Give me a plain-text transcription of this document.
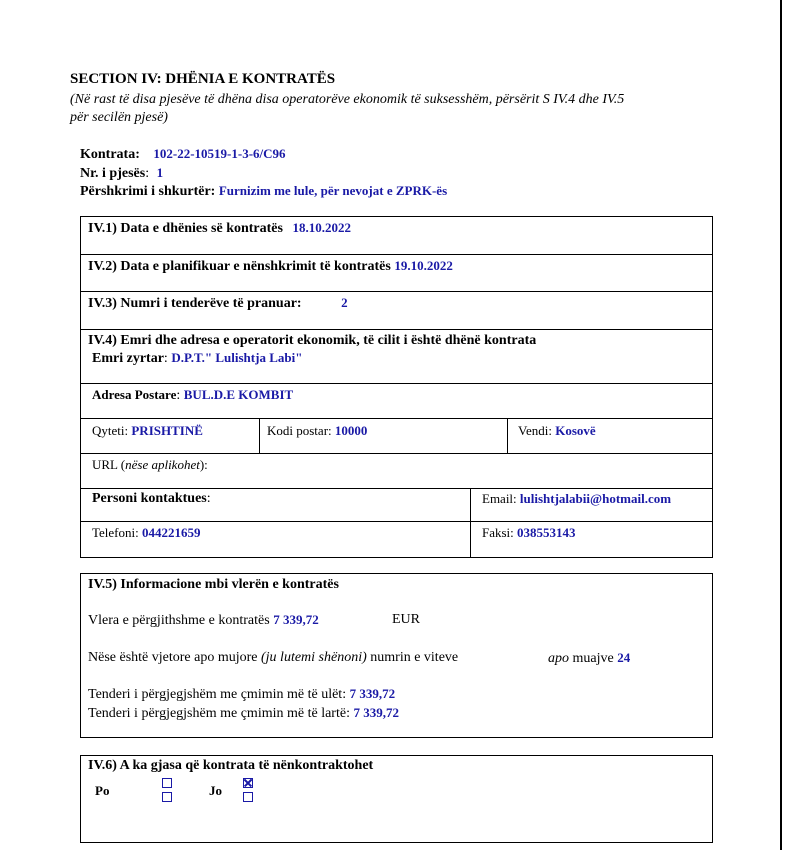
SECTION IV: DHËNIA E KONTRATËS
(Në rast të disa pjesëve të dhëna disa operatorëve ekonomik të suksesshëm, përsërit S IV.4 dhe IV.5
për secilën pjesë)
Kontrata: 102-22-10519-1-3-6/C96
Nr. i pjesës: 1
Përshkrimi i shkurtër: Furnizim me lule, për nevojat e ZPRK-ës
IV.1) Data e dhënies së kontratës 18.10.2022
IV.2) Data e planifikuar e nënshkrimit të kontratës 19.10.2022
IV.3) Numri i tenderëve të pranuar:	2
IV.4) Emri dhe adresa e operatorit ekonomik, të cilit i është dhënë kontrata
Emri zyrtar: D.P.T." Lulishtja Labi"
Adresa Postare: BUL.D.E KOMBIT
Qyteti: PRISHTINË	Kodi postar: 10000	Vendi: Kosovë
URL (nëse aplikohet):
Personi kontaktues:	Email: lulishtjalabii@hotmail.com
Telefoni: 044221659	Faksi: 038553143
IV.5) Informacione mbi vlerën e kontratës
Vlera e përgjithshme e kontratës 7 339,72	EUR
Nëse është vjetore apo mujore (ju lutemi shënoni) numrin e viteve	apo muajve 24
Tenderi i përgjegjshëm me çmimin më të ulët: 7 339,72
Tenderi i përgjegjshëm me çmimin më të lartë: 7 339,72
IV.6) A ka gjasa që kontrata të nënkontraktohet
Po	Jo
